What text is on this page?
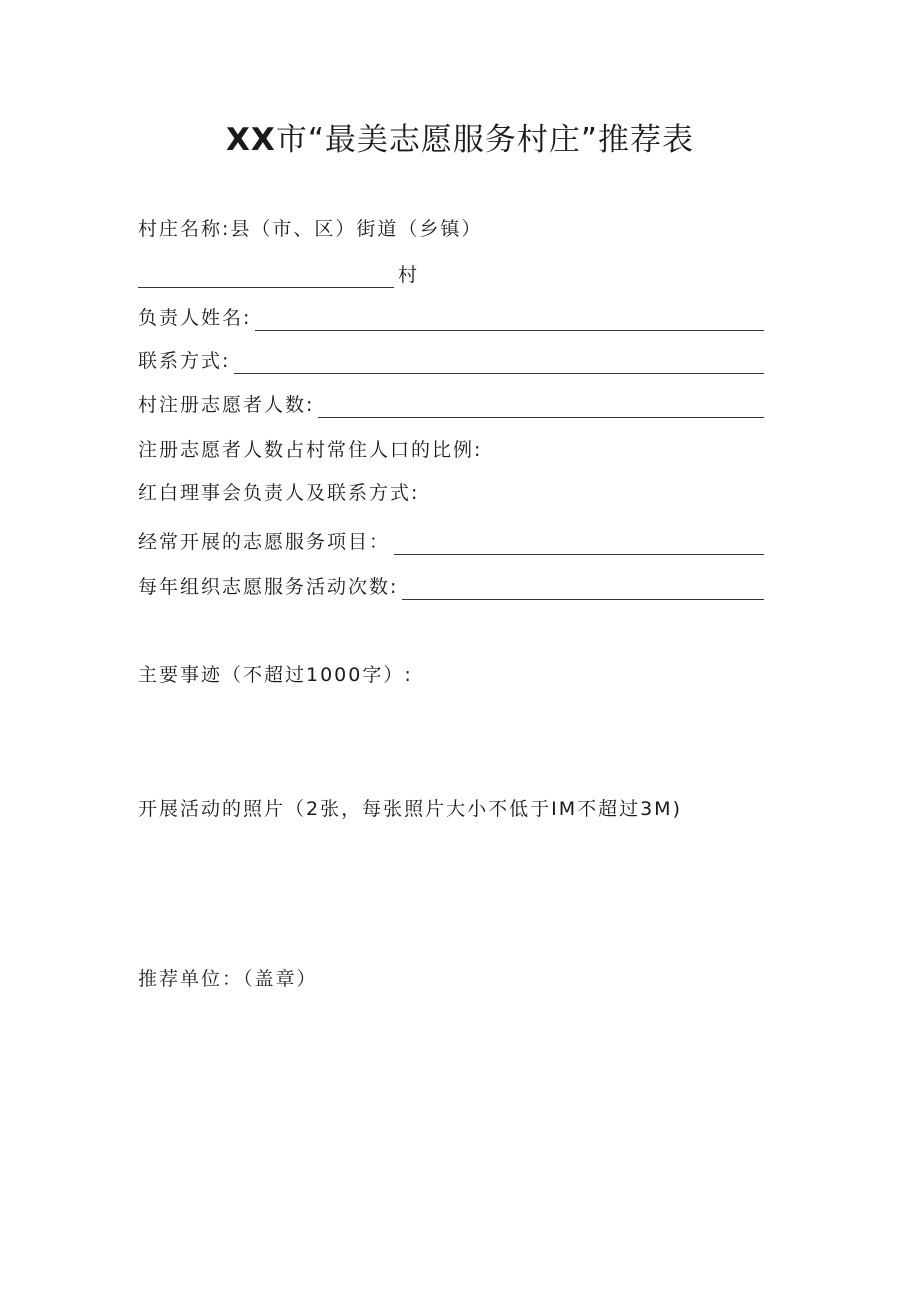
XX市“最美志愿服务村庄”推荐表
村庄名称:县（市、区）街道（乡镇）
村
负责人姓名:
联系方式:
村注册志愿者人数:
注册志愿者人数占村常住人口的比例:
红白理事会负责人及联系方式:
经常开展的志愿服务项目：
每年组织志愿服务活动次数:
主要事迹（不超过1000字）:
开展活动的照片（2张，每张照片大小不低于IM不超过3M)
推荐单位：（盖章）
